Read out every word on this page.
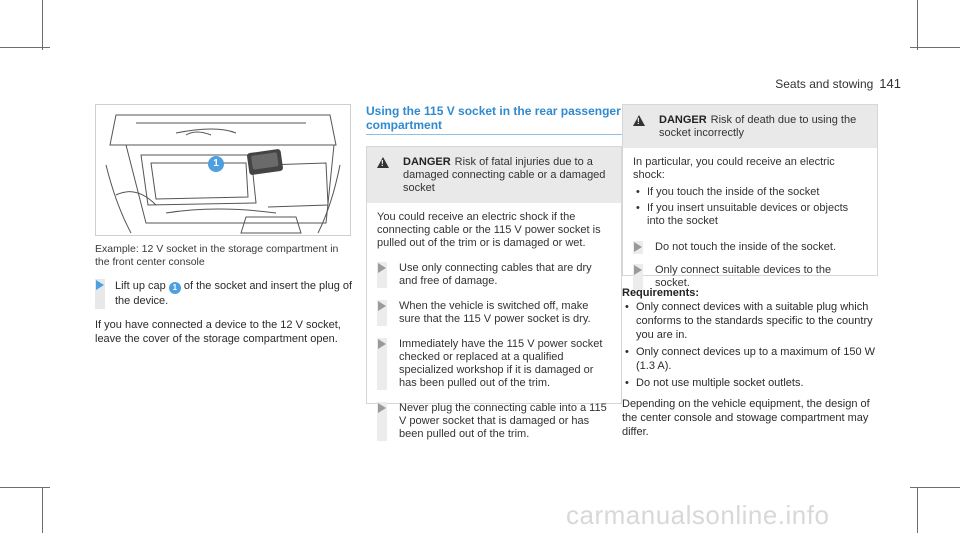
Seats and stowing 141
1
Example: 12 V socket in the storage compartment in the front center console
Lift up cap 1 of the socket and insert the plug of the device.
If you have connected a device to the 12 V socket, leave the cover of the storage compartment open.
Using the 115 V socket in the rear passenger compartment
!
DANGER Risk of fatal injuries due to a damaged connecting cable or a damaged socket
You could receive an electric shock if the connecting cable or the 115 V power socket is pulled out of the trim or is damaged or wet.
Use only connecting cables that are dry and free of damage.
When the vehicle is switched off, make sure that the 115 V power socket is dry.
Immediately have the 115 V power socket checked or replaced at a qualified specialized workshop if it is damaged or has been pulled out of the trim.
Never plug the connecting cable into a 115 V power socket that is damaged or has been pulled out of the trim.
!
DANGER Risk of death due to using the socket incorrectly
In particular, you could receive an electric shock:
• If you touch the inside of the socket
• If you insert unsuitable devices or objects into the socket
Do not touch the inside of the socket.
Only connect suitable devices to the socket.
Requirements:
• Only connect devices with a suitable plug which conforms to the standards specific to the country you are in.
• Only connect devices up to a maximum of 150 W (1.3 A).
• Do not use multiple socket outlets.
Depending on the vehicle equipment, the design of the center console and stowage compartment may differ.
carmanualsonline.info
